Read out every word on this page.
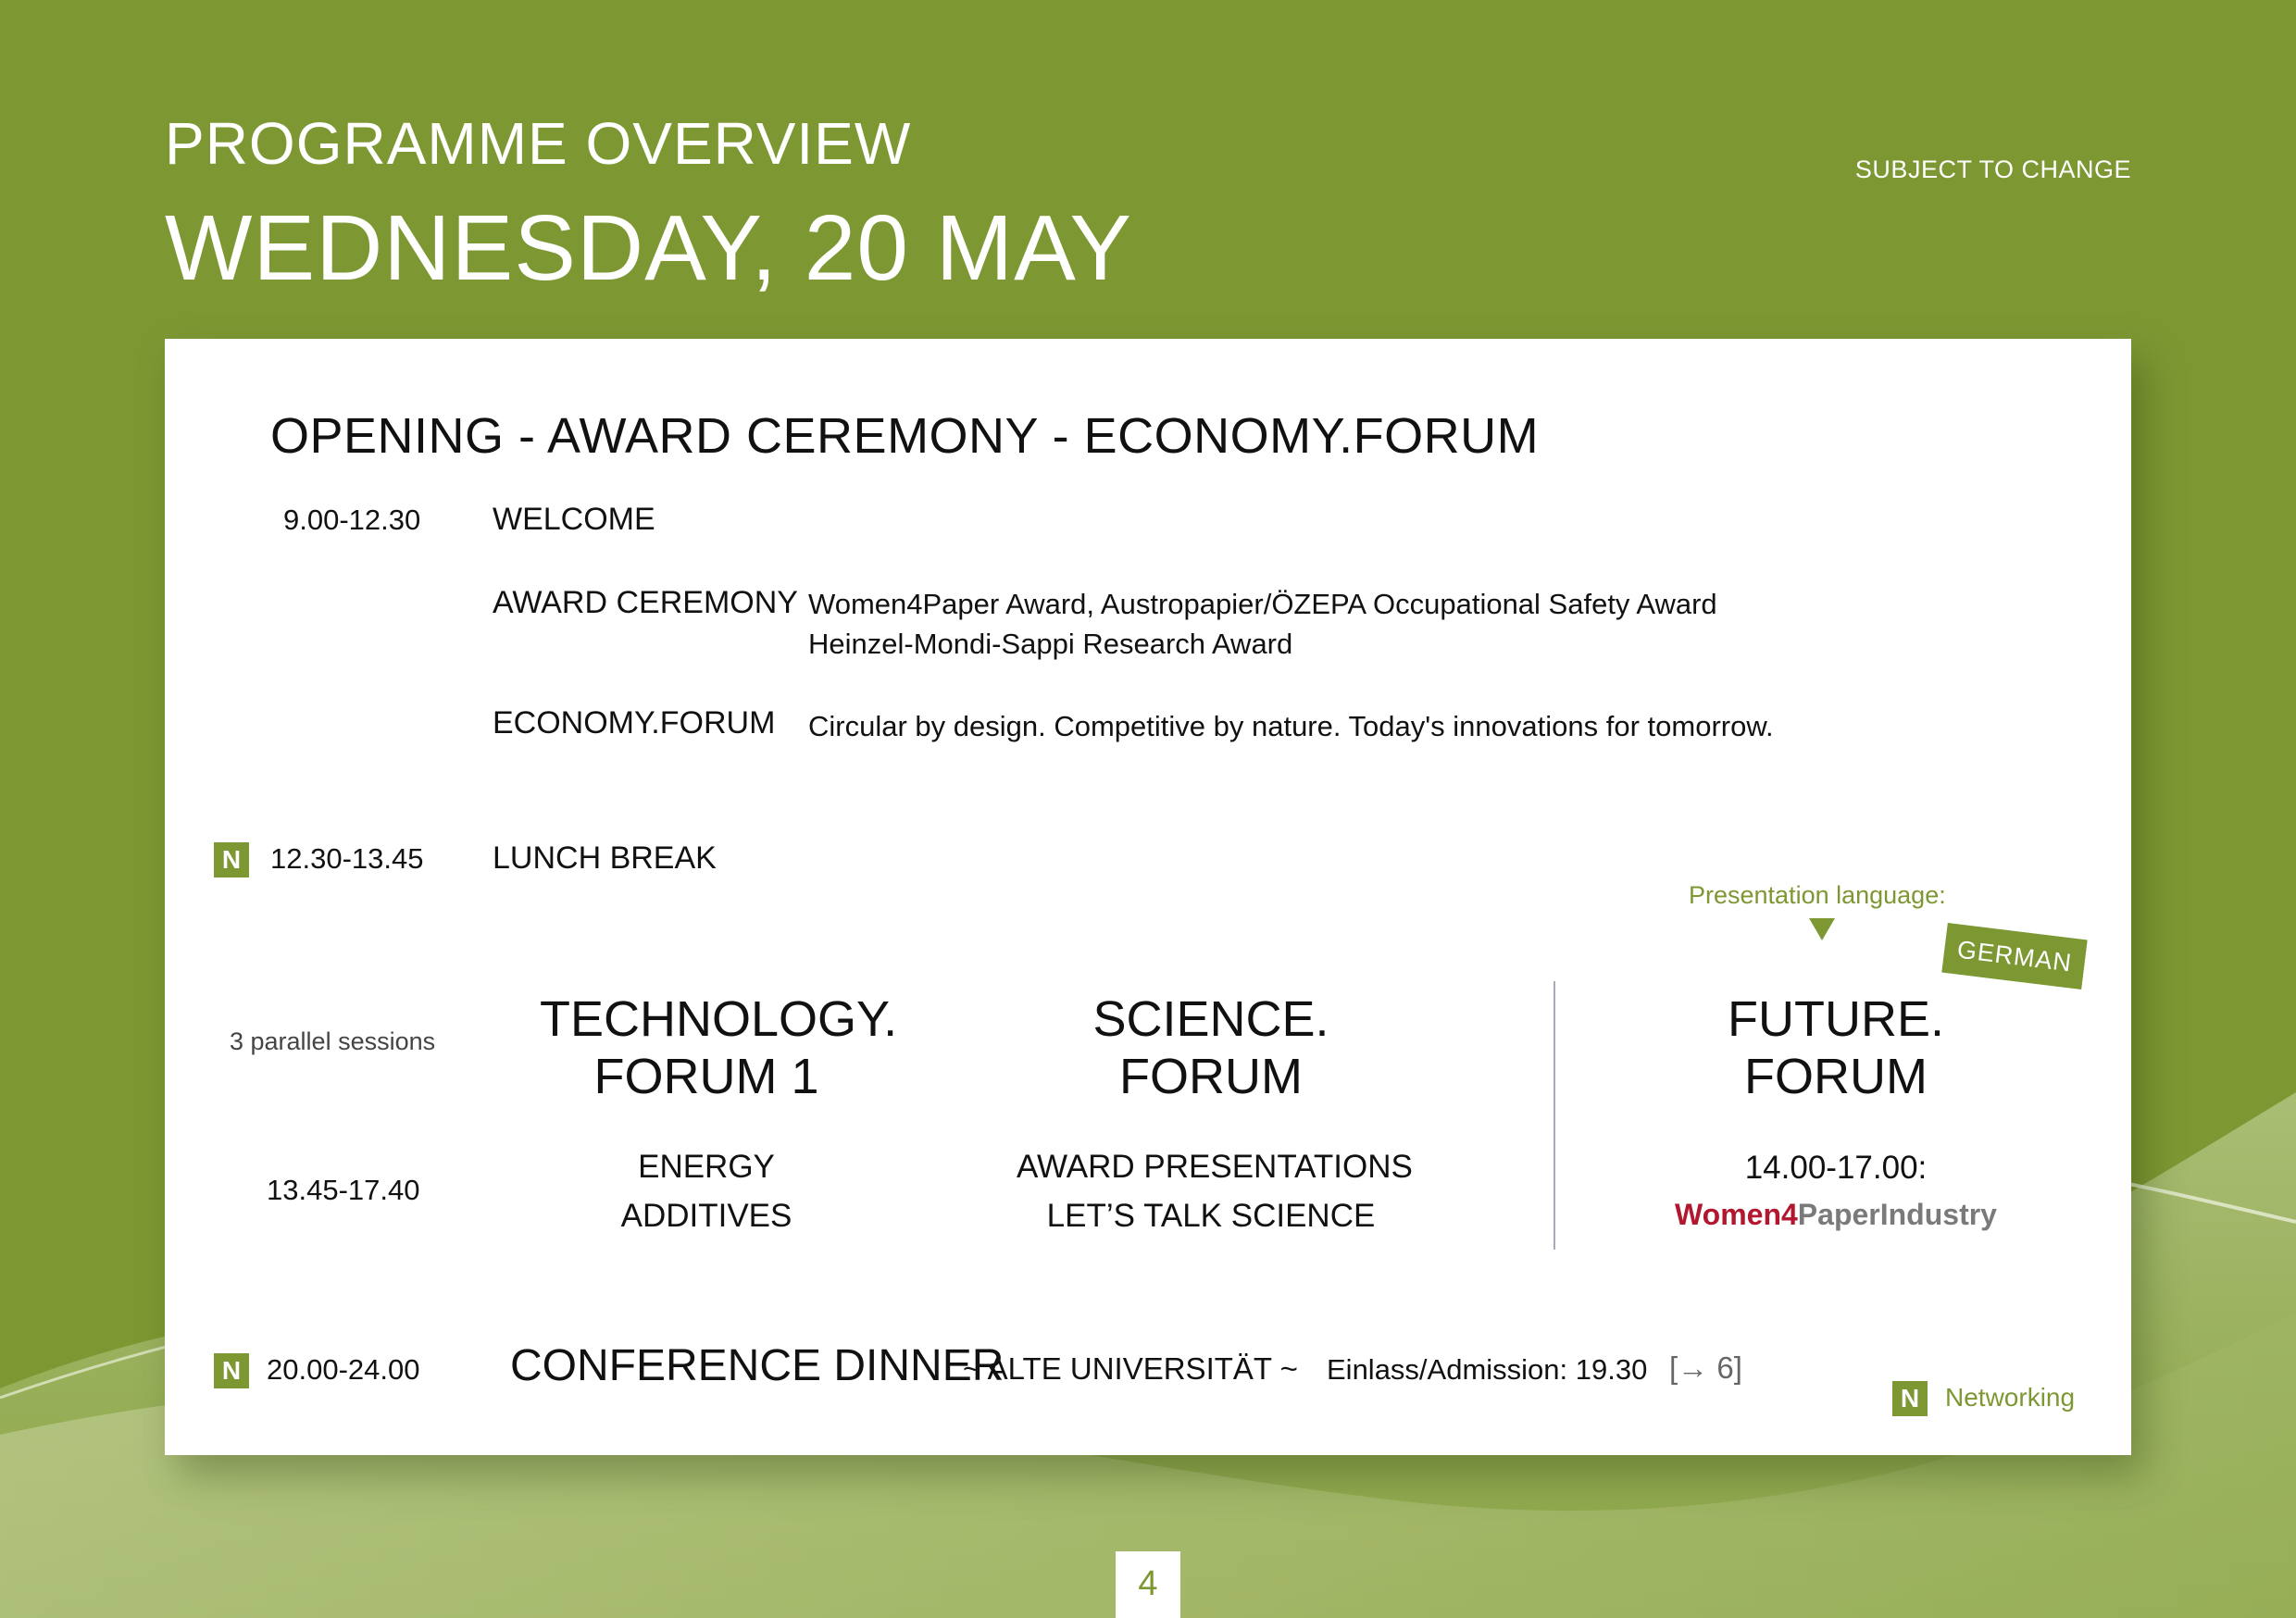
PROGRAMME OVERVIEW
WEDNESDAY, 20 MAY
SUBJECT TO CHANGE
OPENING - AWARD CEREMONY - ECONOMY.FORUM
9.00-12.30 WELCOME
AWARD CEREMONY Women4Paper Award, Austropapier/ÖZEPA Occupational Safety Award
Heinzel-Mondi-Sappi Research Award
ECONOMY.FORUM Circular by design. Competitive by nature. Today's innovations for tomorrow.
N 12.30-13.45 LUNCH BREAK
Presentation language:
GERMAN
3 parallel sessions
13.45-17.40
TECHNOLOGY.
FORUM 1
ENERGY
ADDITIVES
SCIENCE.
FORUM
AWARD PRESENTATIONS
LET’S TALK SCIENCE
FUTURE.
FORUM
14.00-17.00:
Women4PaperIndustry
N 20.00-24.00 CONFERENCE DINNER
~ ALTE UNIVERSITÄT ~ Einlass/Admission: 19.30 [→ 6]
N Networking
4
